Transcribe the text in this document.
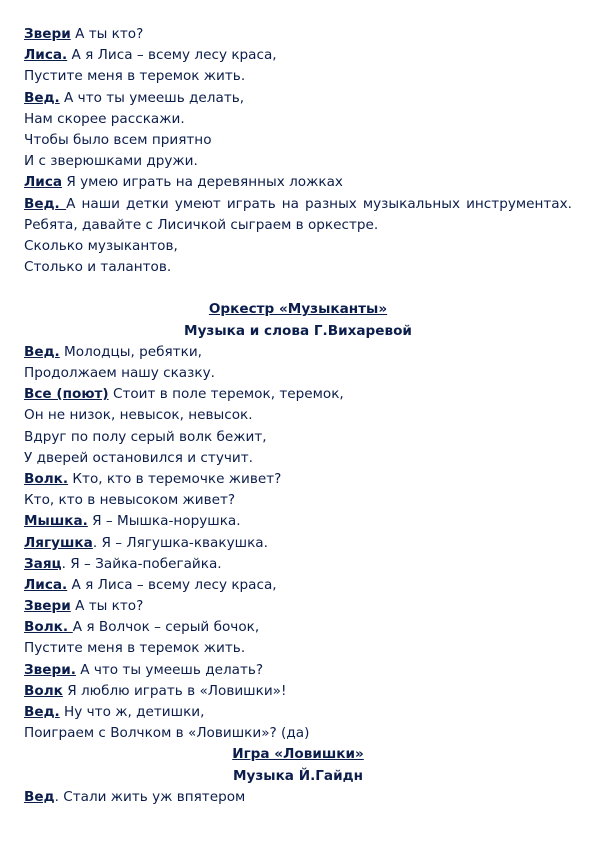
Звери А ты кто?
Лиса. А я Лиса – всему лесу краса,
Пустите меня в теремок жить.
Вед. А что ты умеешь делать,
Нам скорее расскажи.
Чтобы было всем приятно
И с зверюшками дружи.
Лиса Я умею играть на деревянных ложках
Вед. А наши детки умеют играть на разных музыкальных инструментах. Ребята, давайте с Лисичкой сыграем в оркестре.
Сколько музыкантов,
Столько и талантов.
Оркестр «Музыканты»
Музыка и слова Г.Вихаревой
Вед. Молодцы, ребятки,
Продолжаем нашу сказку.
Все (поют) Стоит в поле теремок, теремок,
Он не низок, невысок, невысок.
Вдруг по полу серый волк бежит,
У дверей остановился и стучит.
Волк. Кто, кто в теремочке живет?
Кто, кто в невысоком живет?
Мышка. Я – Мышка-норушка.
Лягушка. Я – Лягушка-квакушка.
Заяц. Я – Зайка-побегайка.
Лиса. А я Лиса – всему лесу краса,
Звери А ты кто?
Волк. А я Волчок – серый бочок,
Пустите меня в теремок жить.
Звери. А что ты умеешь делать?
Волк Я люблю играть в «Ловишки»!
Вед. Ну что ж, детишки,
Поиграем с Волчком в «Ловишки»? (да)
Игра «Ловишки»
Музыка Й.Гайдн
Вед. Стали жить уж впятером
